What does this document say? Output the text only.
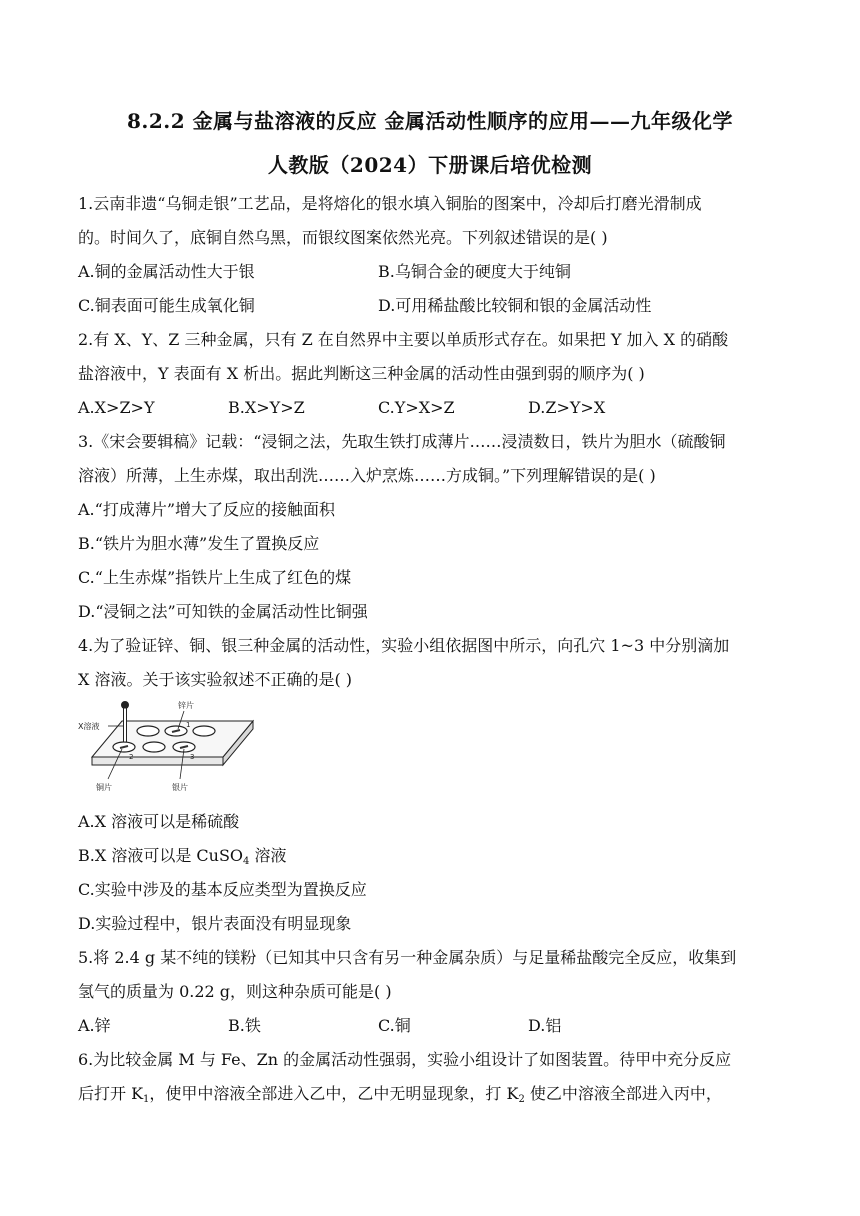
8.2.2 金属与盐溶液的反应 金属活动性顺序的应用——九年级化学
人教版（2024）下册课后培优检测
1.云南非遗“乌铜走银”工艺品，是将熔化的银水填入铜胎的图案中，冷却后打磨光滑制成
的。时间久了，底铜自然乌黑，而银纹图案依然光亮。下列叙述错误的是( )
A.铜的金属活动性大于银	B.乌铜合金的硬度大于纯铜
C.铜表面可能生成氧化铜	D.可用稀盐酸比较铜和银的金属活动性
2.有 X、Y、Z 三种金属，只有 Z 在自然界中主要以单质形式存在。如果把 Y 加入 X 的硝酸
盐溶液中，Y 表面有 X 析出。据此判断这三种金属的活动性由强到弱的顺序为( )
A.X>Z>Y	B.X>Y>Z	C.Y>X>Z	D.Z>Y>X
3.《宋会要辑稿》记载：“浸铜之法，先取生铁打成薄片……浸渍数日，铁片为胆水（硫酸铜
溶液）所薄，上生赤煤，取出刮洗……入炉烹炼……方成铜。”下列理解错误的是( )
A.“打成薄片”增大了反应的接触面积
B.“铁片为胆水薄”发生了置换反应
C.“上生赤煤”指铁片上生成了红色的煤
D.“浸铜之法”可知铁的金属活动性比铜强
4.为了验证锌、铜、银三种金属的活动性，实验小组依据图中所示，向孔穴 1~3 中分别滴加
X 溶液。关于该实验叙述不正确的是( )
锌片
X溶液
铜片	银片
1
2	3
A.X 溶液可以是稀硫酸
B.X 溶液可以是 CuSO$_4$ 溶液
C.实验中涉及的基本反应类型为置换反应
D.实验过程中，银片表面没有明显现象
5.将 2.4 g 某不纯的镁粉（已知其中只含有另一种金属杂质）与足量稀盐酸完全反应，收集到
氢气的质量为 0.22 g，则这种杂质可能是( )
A.锌	B.铁	C.铜	D.铝
6.为比较金属 M 与 Fe、Zn 的金属活动性强弱，实验小组设计了如图装置。待甲中充分反应
后打开 $K_1$，使甲中溶液全部进入乙中，乙中无明显现象，打 $K_2$ 使乙中溶液全部进入丙中，
